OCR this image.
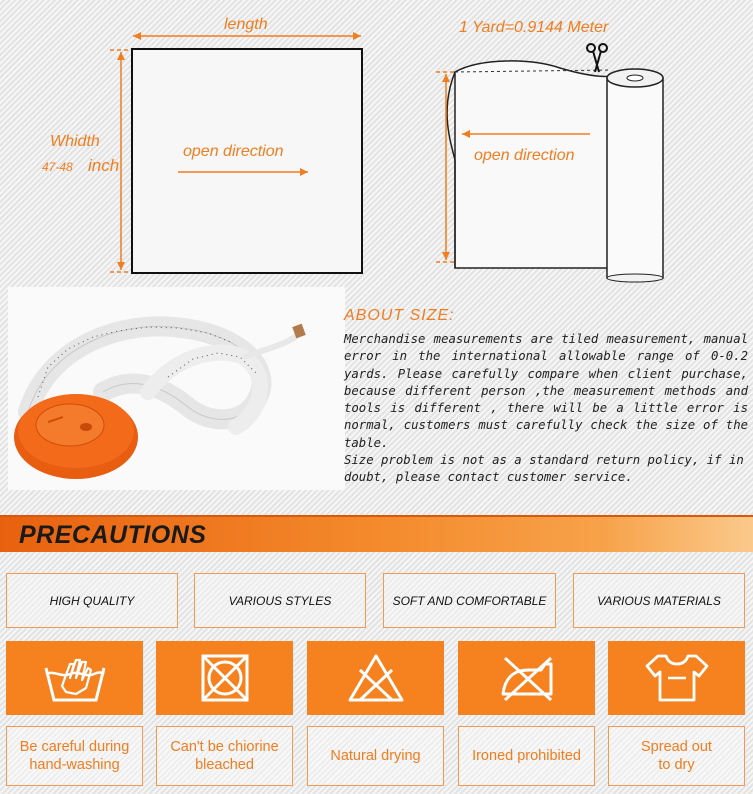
length
Whidth
47-48 inch
open direction
1 Yard=0.9144 Meter
open direction
ABOUT SIZE:

Merchandise measurements are tiled measurement, manual error in the international allowable range of 0-0.2 yards. Please carefully compare when client purchase, because different person ,the measurement methods and tools is different , there will be a little error is normal, customers must carefully check the size of the table.

Size problem is not as a standard return policy, if in doubt, please contact customer service.

PRECAUTIONS
HIGH QUALITY	VARIOUS STYLES	SOFT AND COMFORTABLE	VARIOUS MATERIALS
Be careful during
hand-washing
Can't be chiorine
bleached
Natural drying	Ironed prohibited
Spread out
to dry
